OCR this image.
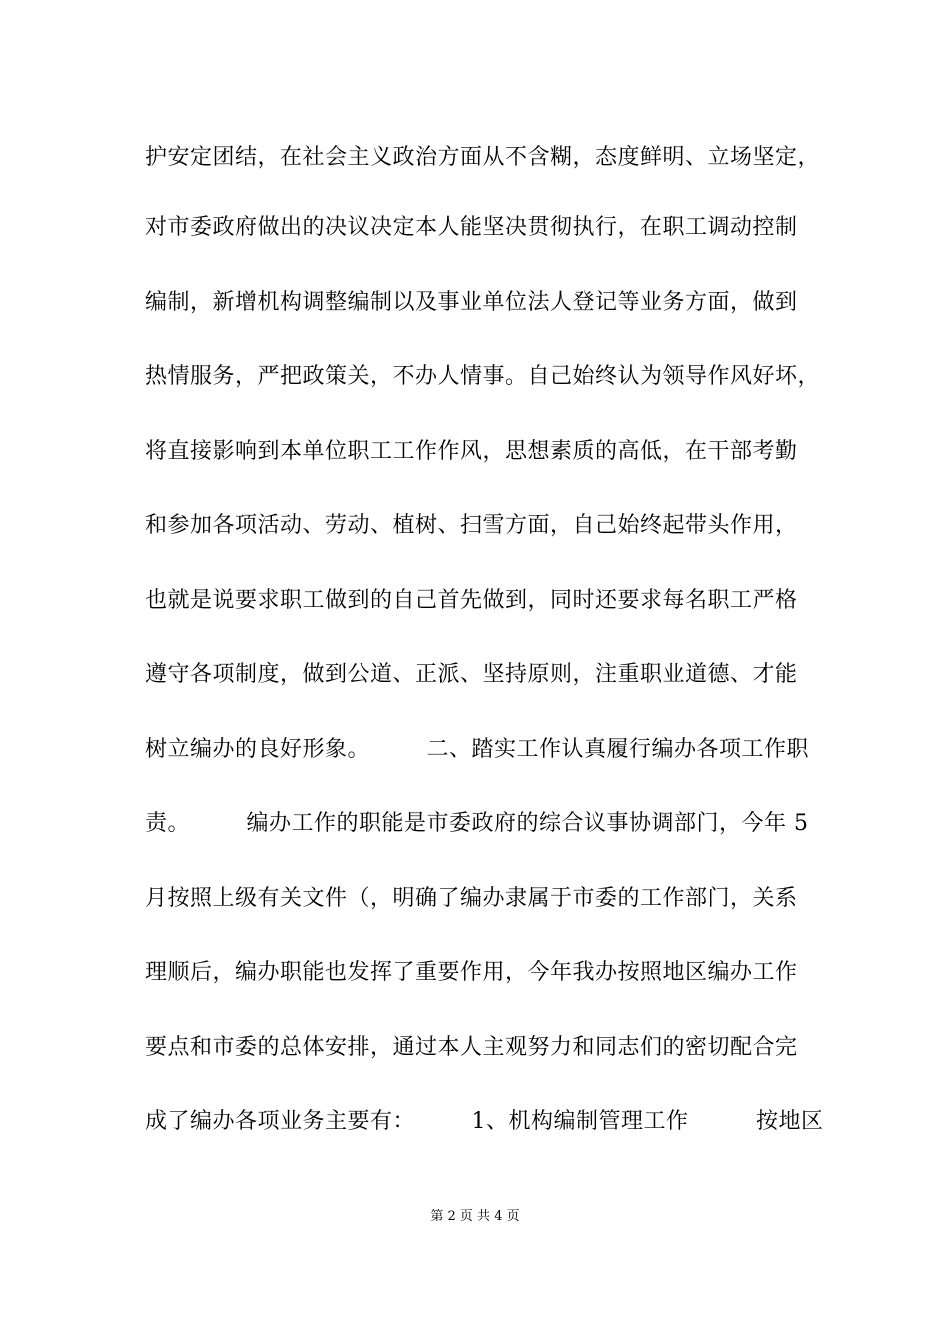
护安定团结，在社会主义政治方面从不含糊，态度鲜明、立场坚定，
对市委政府做出的决议决定本人能坚决贯彻执行，在职工调动控制
编制，新增机构调整编制以及事业单位法人登记等业务方面，做到
热情服务，严把政策关，不办人情事。自己始终认为领导作风好坏，
将直接影响到本单位职工工作作风，思想素质的高低，在干部考勤
和参加各项活动、劳动、植树、扫雪方面，自己始终起带头作用，
也就是说要求职工做到的自己首先做到，同时还要求每名职工严格
遵守各项制度，做到公道、正派、坚持原则，注重职业道德、才能
树立编办的良好形象。　　　二、踏实工作认真履行编办各项工作职
责。　　　编办工作的职能是市委政府的综合议事协调部门，今年 5
月按照上级有关文件（，明确了编办隶属于市委的工作部门，关系
理顺后，编办职能也发挥了重要作用，今年我办按照地区编办工作
要点和市委的总体安排，通过本人主观努力和同志们的密切配合完
成了编办各项业务主要有：　　　1、机构编制管理工作　　　按地区
第 2 页 共 4 页
